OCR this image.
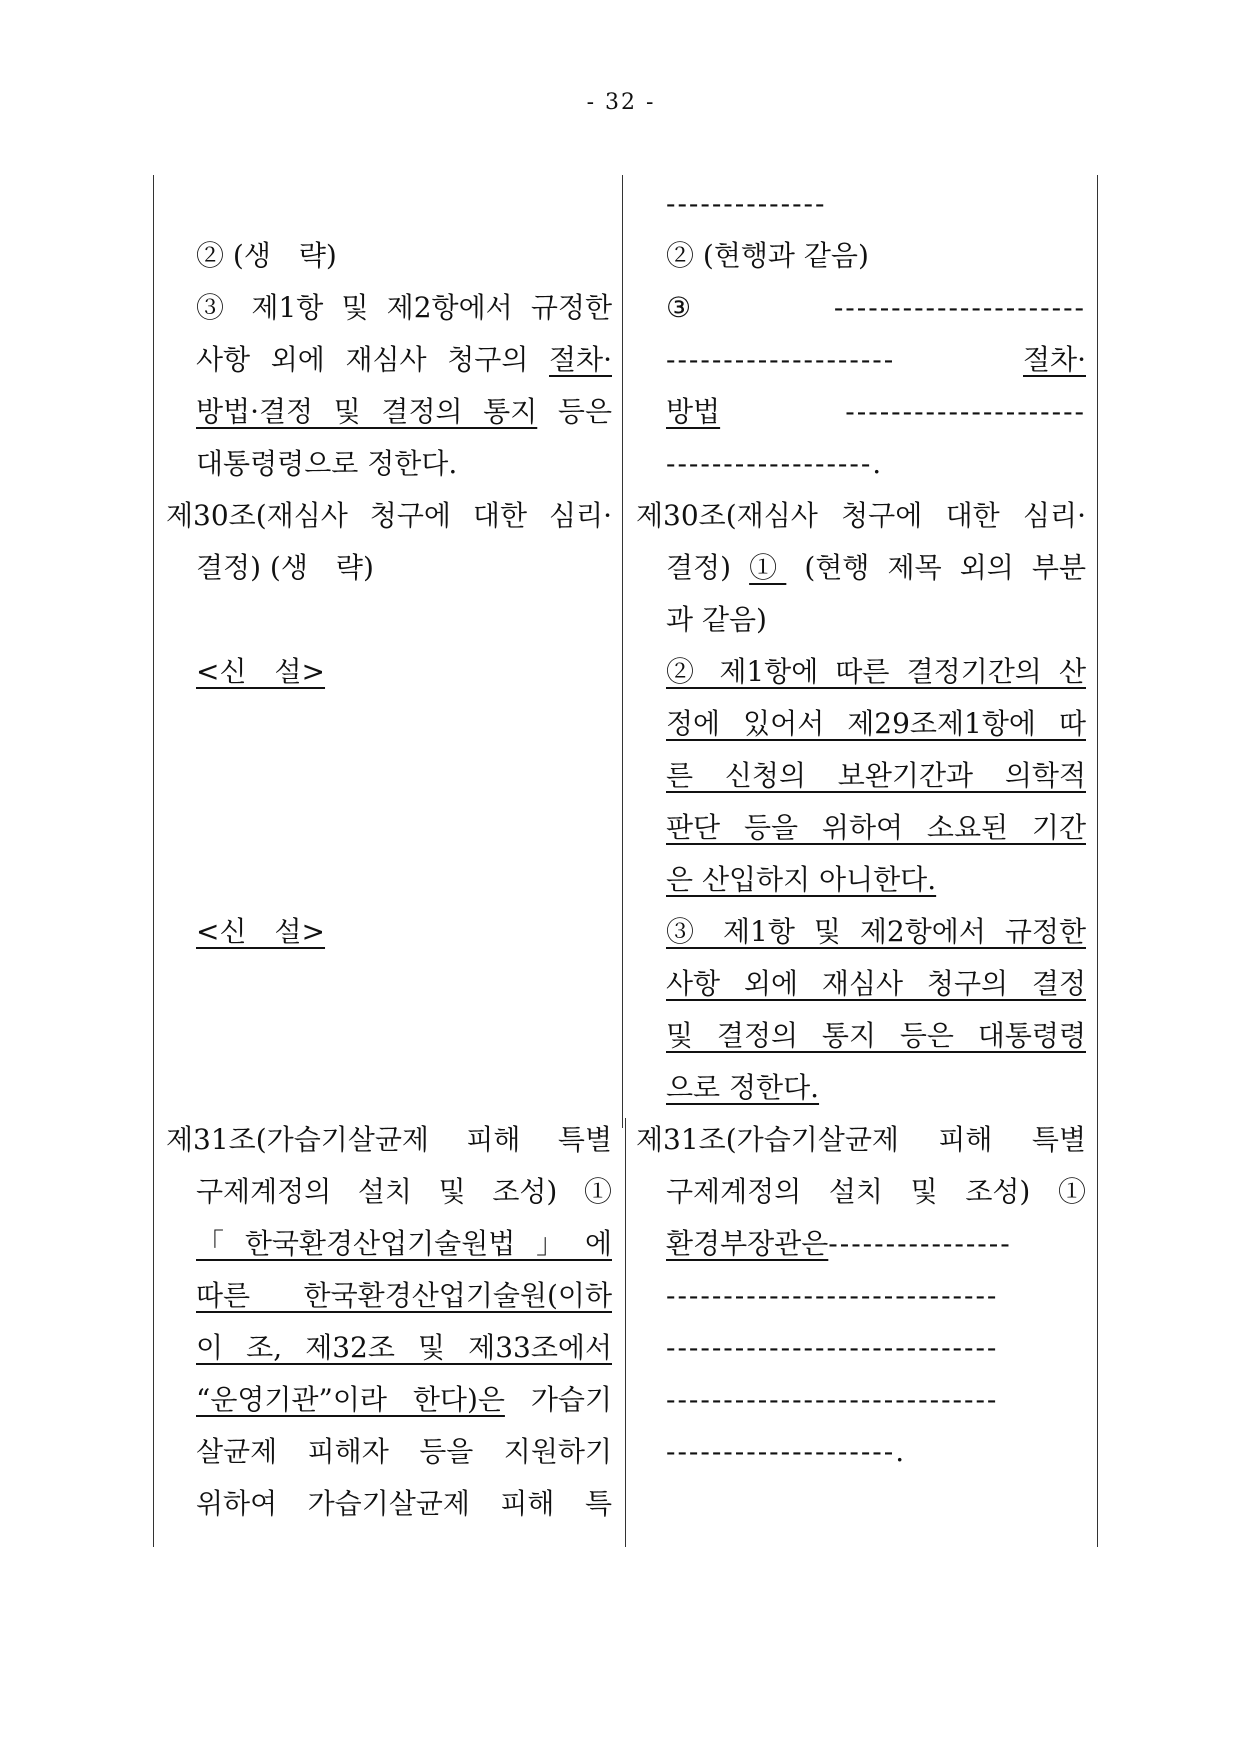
- 32 -
② (생　략)
③ 제1항 및 제2항에서 규정한
사항 외에 재심사 청구의 절차·
방법·결정 및 결정의 통지 등은
대통령령으로 정한다.
제30조(재심사 청구에 대한 심리·
결정) (생　략)
<신　설>
<신　설>
제31조(가습기살균제 피해 특별
구제계정의 설치 및 조성) ①
「한국환경산업기술원법」에
따른 한국환경산업기술원(이하
이 조, 제32조 및 제33조에서
“운영기관”이라 한다)은 가습기
살균제 피해자 등을 지원하기
위하여 가습기살균제 피해 특
--------------
② (현행과 같음)
③ ----------------------
-------------------- 절차·
방법 ---------------------
------------------.
제30조(재심사 청구에 대한 심리·
결정) ① (현행 제목 외의 부분
과 같음)
② 제1항에 따른 결정기간의 산
정에 있어서 제29조제1항에 따
른 신청의 보완기간과 의학적
판단 등을 위하여 소요된 기간
은 산입하지 아니한다.
③ 제1항 및 제2항에서 규정한
사항 외에 재심사 청구의 결정
및 결정의 통지 등은 대통령령
으로 정한다.
제31조(가습기살균제 피해 특별
구제계정의 설치 및 조성) ①
환경부장관은----------------
-----------------------------
-----------------------------
-----------------------------
--------------------.
